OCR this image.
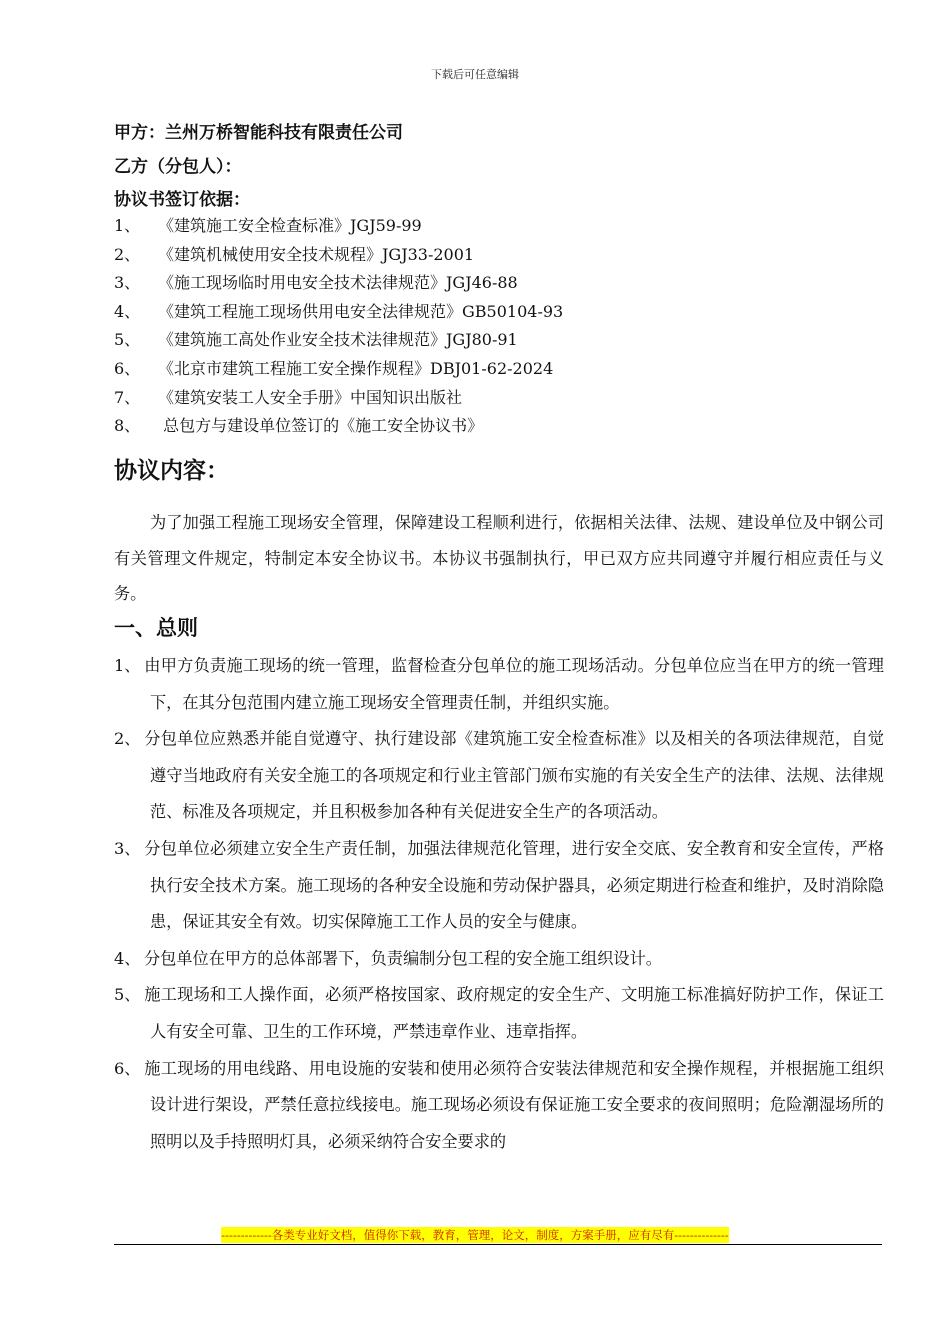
下载后可任意编辑
甲方：兰州万桥智能科技有限责任公司
乙方（分包人）：
协议书签订依据：
1、 《建筑施工安全检查标准》JGJ59-99
2、 《建筑机械使用安全技术规程》JGJ33-2001
3、 《施工现场临时用电安全技术法律规范》JGJ46-88
4、 《建筑工程施工现场供用电安全法律规范》GB50104-93
5、 《建筑施工高处作业安全技术法律规范》JGJ80-91
6、 《北京市建筑工程施工安全操作规程》DBJ01-62-2024
7、 《建筑安装工人安全手册》中国知识出版社
8、 总包方与建设单位签订的《施工安全协议书》
协议内容：

为了加强工程施工现场安全管理，保障建设工程顺利进行，依据相关法律、法规、建设单位及中钢公司有关管理文件规定，特制定本安全协议书。本协议书强制执行，甲已双方应共同遵守并履行相应责任与义务。

一、总则
1、 由甲方负责施工现场的统一管理，监督检查分包单位的施工现场活动。分包单位应当在甲方的统一管理下，在其分包范围内建立施工现场安全管理责任制，并组织实施。
2、 分包单位应熟悉并能自觉遵守、执行建设部《建筑施工安全检查标准》以及相关的各项法律规范，自觉遵守当地政府有关安全施工的各项规定和行业主管部门颁布实施的有关安全生产的法律、法规、法律规范、标准及各项规定，并且积极参加各种有关促进安全生产的各项活动。
3、 分包单位必须建立安全生产责任制，加强法律规范化管理，进行安全交底、安全教育和安全宣传，严格执行安全技术方案。施工现场的各种安全设施和劳动保护器具，必须定期进行检查和维护，及时消除隐患，保证其安全有效。切实保障施工工作人员的安全与健康。
4、 分包单位在甲方的总体部署下，负责编制分包工程的安全施工组织设计。
5、 施工现场和工人操作面，必须严格按国家、政府规定的安全生产、文明施工标准搞好防护工作，保证工人有安全可靠、卫生的工作环境，严禁违章作业、违章指挥。
6、 施工现场的用电线路、用电设施的安装和使用必须符合安装法律规范和安全操作规程，并根据施工组织设计进行架设，严禁任意拉线接电。施工现场必须设有保证施工安全要求的夜间照明；危险潮湿场所的照明以及手持照明灯具，必须采纳符合安全要求的
-------------各类专业好文档，值得你下载，教育，管理，论文，制度，方案手册，应有尽有--------------
